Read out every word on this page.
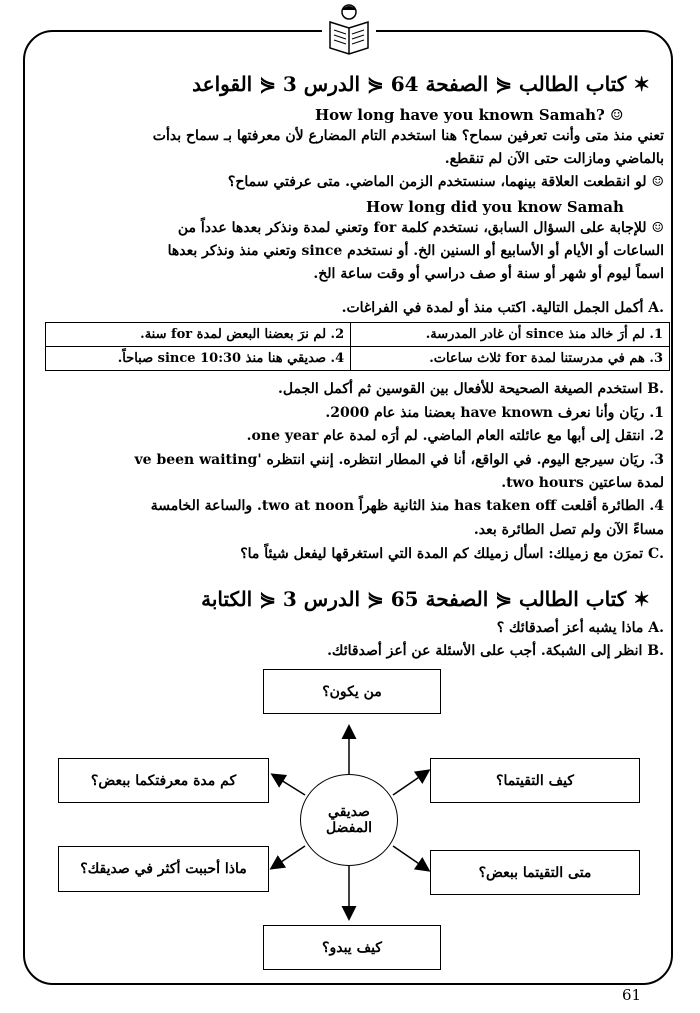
✶ كتاب الطالب ⋞ الصفحة 64 ⋞ الدرس 3 ⋞ القواعد
How long have you known Samah? ☺
تعني منذ متى وأنت تعرفين سماح؟ هنا استخدم التام المضارع لأن معرفتها بـ سماح بدأت
بالماضي ومازالت حتى الآن لم تنقطع.
☺ لو انقطعت العلاقة بينهما، سنستخدم الزمن الماضي. متى عرفتي سماح؟
How long did you know Samah
☺ للإجابة على السؤال السابق، نستخدم كلمة for وتعني لمدة ونذكر بعدها عدداً من
الساعات أو الأيام أو الأسابيع أو السنين الخ. أو نستخدم since وتعني منذ ونذكر بعدها
اسماً ليوم أو شهر أو سنة أو صف دراسي أو وقت ساعة الخ.
.A أكمل الجمل التالية. اكتب منذ أو لمدة في الفراغات.
1. لم أرَ خالد منذ since أن غادر المدرسة.	2. لم نرَ بعضنا البعض لمدة for سنة.
3. هم في مدرستنا لمدة for ثلاث ساعات.	4. صديقي هنا منذ 10:30 since صباحاً.
.B استخدم الصيغة الصحيحة للأفعال بين القوسين ثم أكمل الجمل.
1. ريَان وأنا نعرف have known بعضنا منذ عام 2000.
2. انتقل إلى أبها مع عائلته العام الماضي. لم أرَه لمدة عام one year.
3. ريَان سيرجع اليوم. في الواقع، أنا في المطار انتظره. إنني انتظره 've been waiting
لمدة ساعتين two hours.
4. الطائرة أقلعت has taken off منذ الثانية ظهراً two at noon. والساعة الخامسة
مساءً الآن ولم تصل الطائرة بعد.
.C تمرَن مع زميلك: اسأل زميلك كم المدة التي استغرقها ليفعل شيئاً ما؟
✶ كتاب الطالب ⋞ الصفحة 65 ⋞ الدرس 3 ⋞ الكتابة
.A ماذا يشبه أعز أصدقائك ؟
.B انظر إلى الشبكة. أجب على الأسئلة عن أعز أصدقائك.
من يكون؟
كم مدة معرفتكما ببعض؟	كيف التقيتما؟
ماذا أحببت أكثر في صديقك؟	متى التقيتما ببعض؟
كيف يبدو؟
صديقي
المفضل
61
